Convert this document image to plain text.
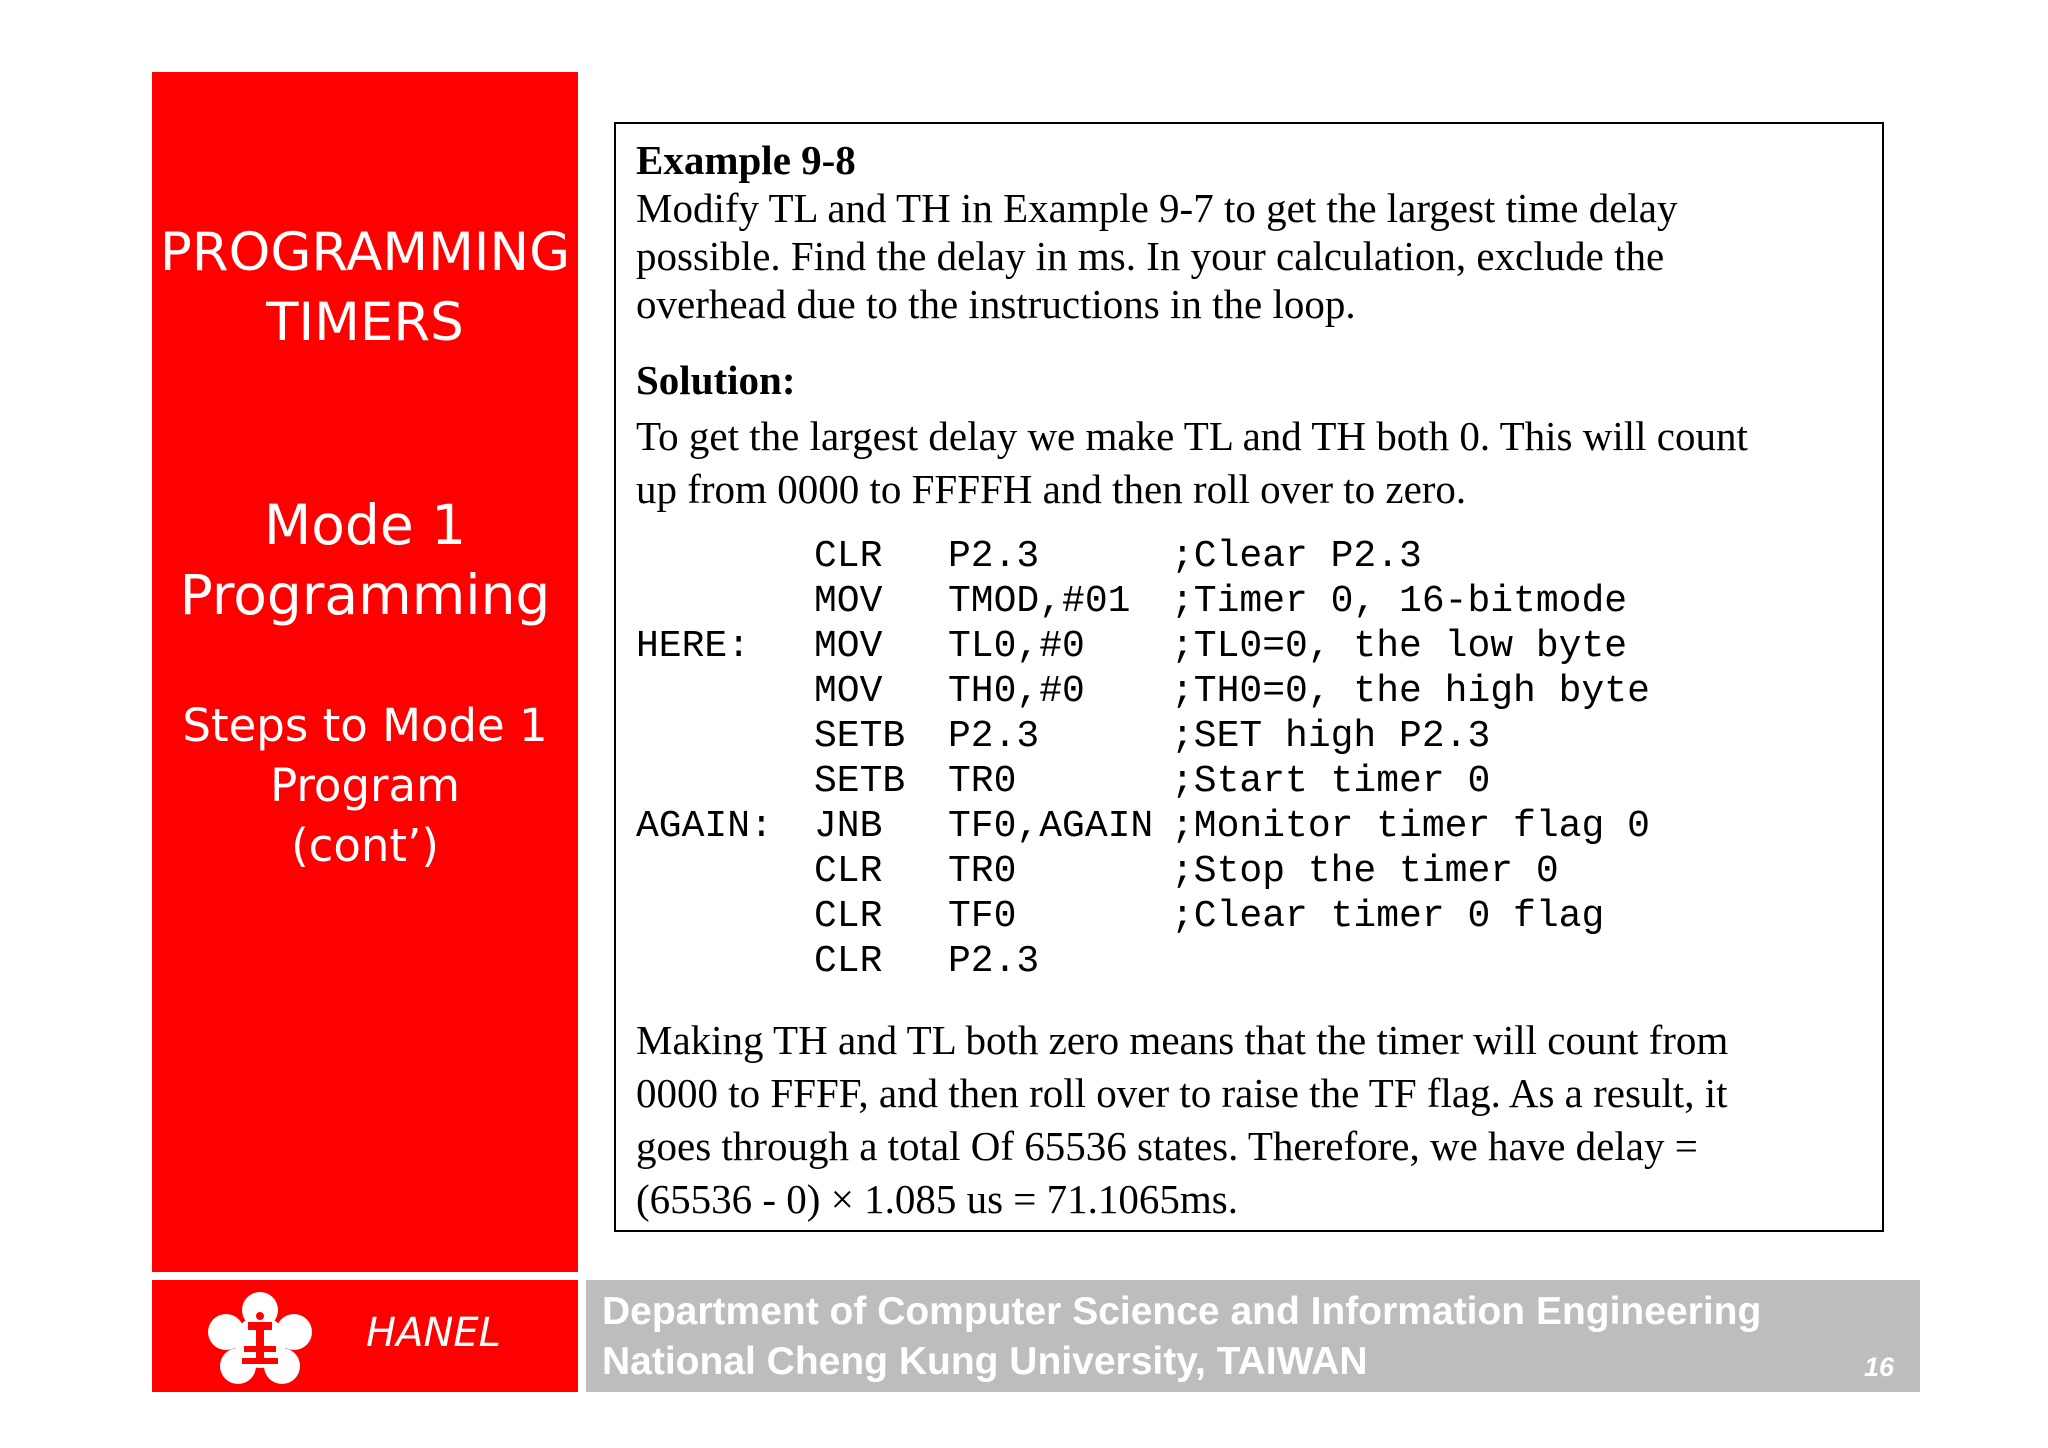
PROGRAMMING
TIMERS
Mode 1
Programming
Steps to Mode 1
Program
(cont’)
HANEL	Department of Computer Science and Information Engineering
National Cheng Kung University, TAIWAN	16
Example 9-8
Modify TL and TH in Example 9-7 to get the largest time delay
possible. Find the delay in ms. In your calculation, exclude the
overhead due to the instructions in the loop.
Solution:
To get the largest delay we make TL and TH both 0. This will count
up from 0000 to FFFFH and then roll over to zero.
CLR P2.3	;Clear P2.3
MOV TMOD,#01 ;Timer 0, 16-bitmode
HERE: MOV TL0,#0 ;TL0=0, the low byte
MOV TH0,#0 ;TH0=0, the high byte
SETB P2.3	;SET high P2.3
SETB TR0	;Start timer 0
AGAIN: JNB TF0,AGAIN ;Monitor timer flag 0
CLR TR0	;Stop the timer 0
CLR TF0	;Clear timer 0 flag
CLR P2.3
Making TH and TL both zero means that the timer will count from
0000 to FFFF, and then roll over to raise the TF flag. As a result, it
goes through a total Of 65536 states. Therefore, we have delay =
(65536 - 0) × 1.085 us = 71.1065ms.
